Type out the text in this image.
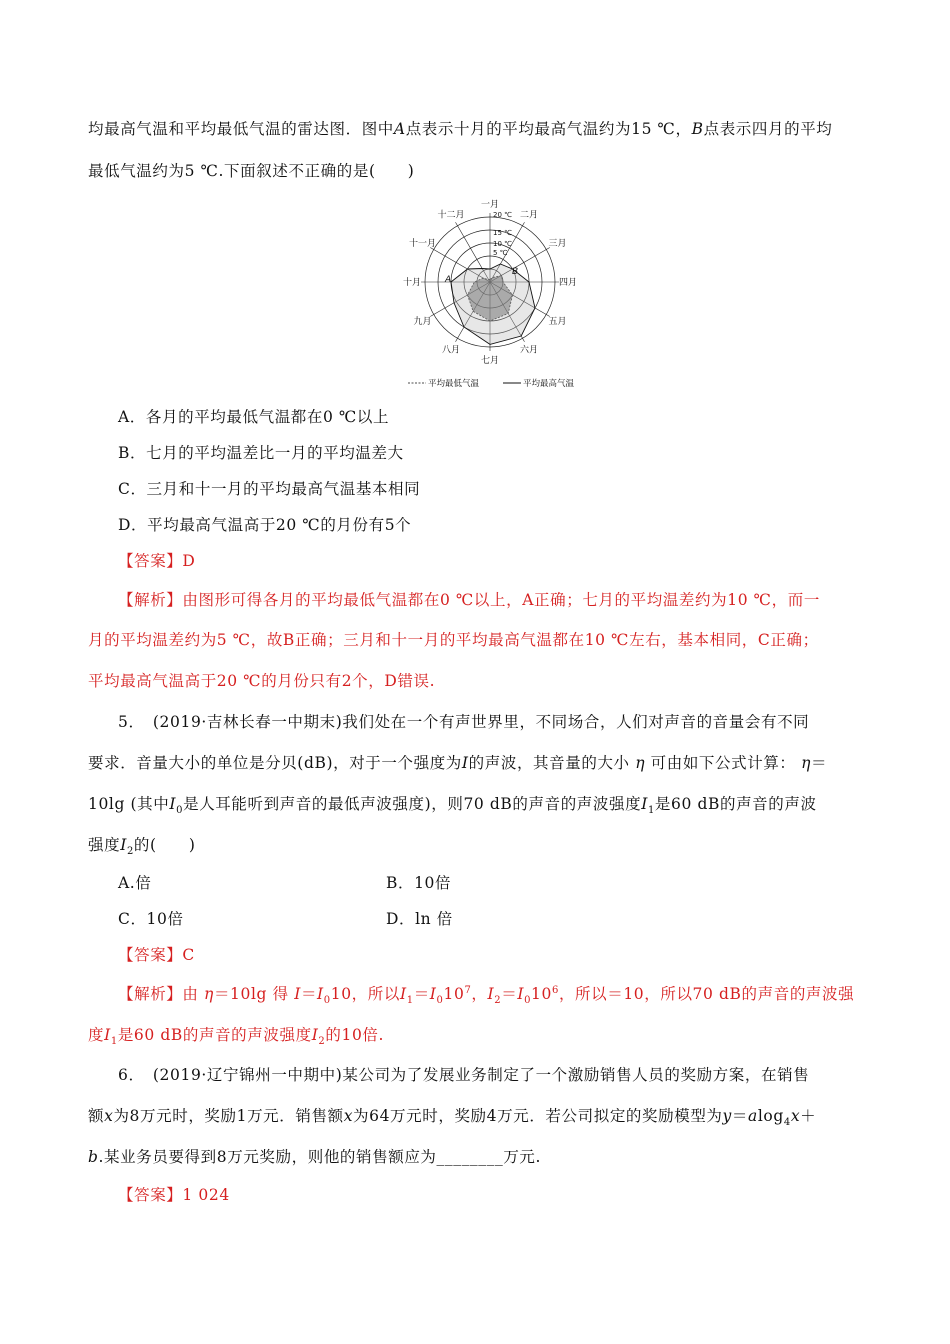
均最高气温和平均最低气温的雷达图．图中A点表示十月的平均最高气温约为15 ℃，B点表示四月的平均
最低气温约为5 ℃.下面叙述不正确的是(　　)
一月
二月
三月
四月
五月
六月
七月
八月
九月
十月
十一月
十二月	20 ℃
15 ℃
10 ℃
5 ℃
A
B
平均最低气温	平均最高气温
A．各月的平均最低气温都在0 ℃以上
B．七月的平均温差比一月的平均温差大
C．三月和十一月的平均最高气温基本相同
D．平均最高气温高于20 ℃的月份有5个
【答案】D
【解析】由图形可得各月的平均最低气温都在0 ℃以上，A正确；七月的平均温差约为10 ℃，而一
月的平均温差约为5 ℃，故B正确；三月和十一月的平均最高气温都在10 ℃左右，基本相同，C正确；
平均最高气温高于20 ℃的月份只有2个，D错误.
5．　(2019·吉林长春一中期末)我们处在一个有声世界里，不同场合，人们对声音的音量会有不同
要求．音量大小的单位是分贝(dB)，对于一个强度为I的声波，其音量的大小 η 可由如下公式计算： η＝
10lg (其中$I_0$是人耳能听到声音的最低声波强度)，则70 dB的声音的声波强度$I_1$是60 dB的声音的声波
强度$I_2$的(　　)
A.倍	B．10倍
C．10倍	D．ln 倍
【答案】C
【解析】由 η＝10lg 得 $I=I_010$，所以$I_1=I_010^7$，$I_2=I_010^6$，所以＝10，所以70 dB的声音的声波强
度$I_1$是60 dB的声音的声波强度$I_2$的10倍.
6．　(2019·辽宁锦州一中期中)某公司为了发展业务制定了一个激励销售人员的奖励方案，在销售
额x为8万元时，奖励1万元．销售额x为64万元时，奖励4万元．若公司拟定的奖励模型为y＝alog$_4$x＋
b.某业务员要得到8万元奖励，则他的销售额应为________万元.
【答案】1 024
